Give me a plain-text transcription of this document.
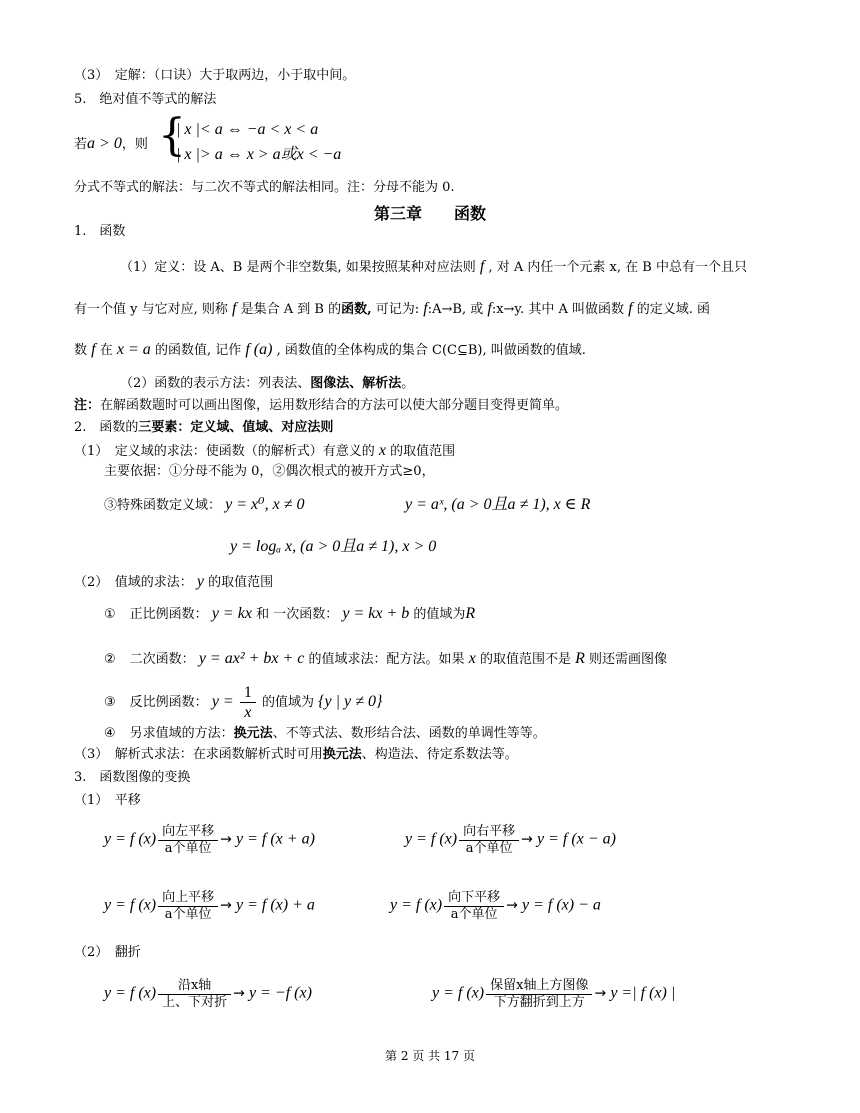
（3）　定解：（口诀）大于取两边，小于取中间。
5.　绝对值不等式的解法
若a > 0，则 {
| x |< a ⇔ −a < x < a
| x |> a ⇔ x > a或x < −a
分式不等式的解法：与二次不等式的解法相同。注：分母不能为 0.
第三章　　函数
1.　函数
（1）定义：设 A、B 是两个非空数集, 如果按照某种对应法则 f , 对 A 内任一个元素 x, 在 B 中总有一个且只
有一个值 y 与它对应, 则称 f 是集合 A 到 B 的函数, 可记为: f:A→B, 或 f:x→y. 其中 A 叫做函数 f 的定义域. 函
数 f 在 x = a 的函数值, 记作 f (a) , 函数值的全体构成的集合 C(C⊆B), 叫做函数的值域.
（2）函数的表示方法：列表法、图像法、解析法。
注：在解函数题时可以画出图像，运用数形结合的方法可以使大部分题目变得更简单。
2.　函数的三要素：定义域、值域、对应法则
（1）　定义域的求法：使函数（的解析式）有意义的 x 的取值范围
主要依据：①分母不能为 0，②偶次根式的被开方式≥0，
③特殊函数定义域： y = x⁰, x ≠ 0	y = aˣ, (a > 0且a ≠ 1), x ∈ R
y = logₐ x, (a > 0且a ≠ 1), x > 0
（2）　值域的求法： y 的取值范围
① 正比例函数： y = kx 和 一次函数： y = kx + b 的值域为R
② 二次函数： y = ax² + bx + c 的值域求法：配方法。如果 x 的取值范围不是 R 则还需画图像
③ 反比例函数： $y = \frac{1}{x}$ 的值域为 {y | y ≠ 0}
④ 另求值域的方法：换元法、不等式法、数形结合法、函数的单调性等等。
（3）　解析式求法：在求函数解析式时可用换元法、构造法、待定系数法等。
3.　函数图像的变换
（1）　平移
y = f $(x) \frac{\text{向左平移}}{\text{a个单位}} \to y = f$ (x + a)	y = f $(x) \frac{\text{向右平移}}{\text{a个单位}} \to y = f$ (x − a)
y = f $(x) \frac{\text{向上平移}}{\text{a个单位}} \to y = f$ (x) + a	y = f $(x) \frac{\text{向下平移}}{\text{a个单位}} \to y = f$ (x) − a
（2）　翻折
y = f $(x) \frac{\text{沿x轴}}{\text{上、下对折}} \to y = -f$ (x)	y = f $(x) \frac{\text{保留x轴上方图像}}{\text{下方翻折到上方}} \to y$ =| f (x) |
第 2 页 共 17 页
